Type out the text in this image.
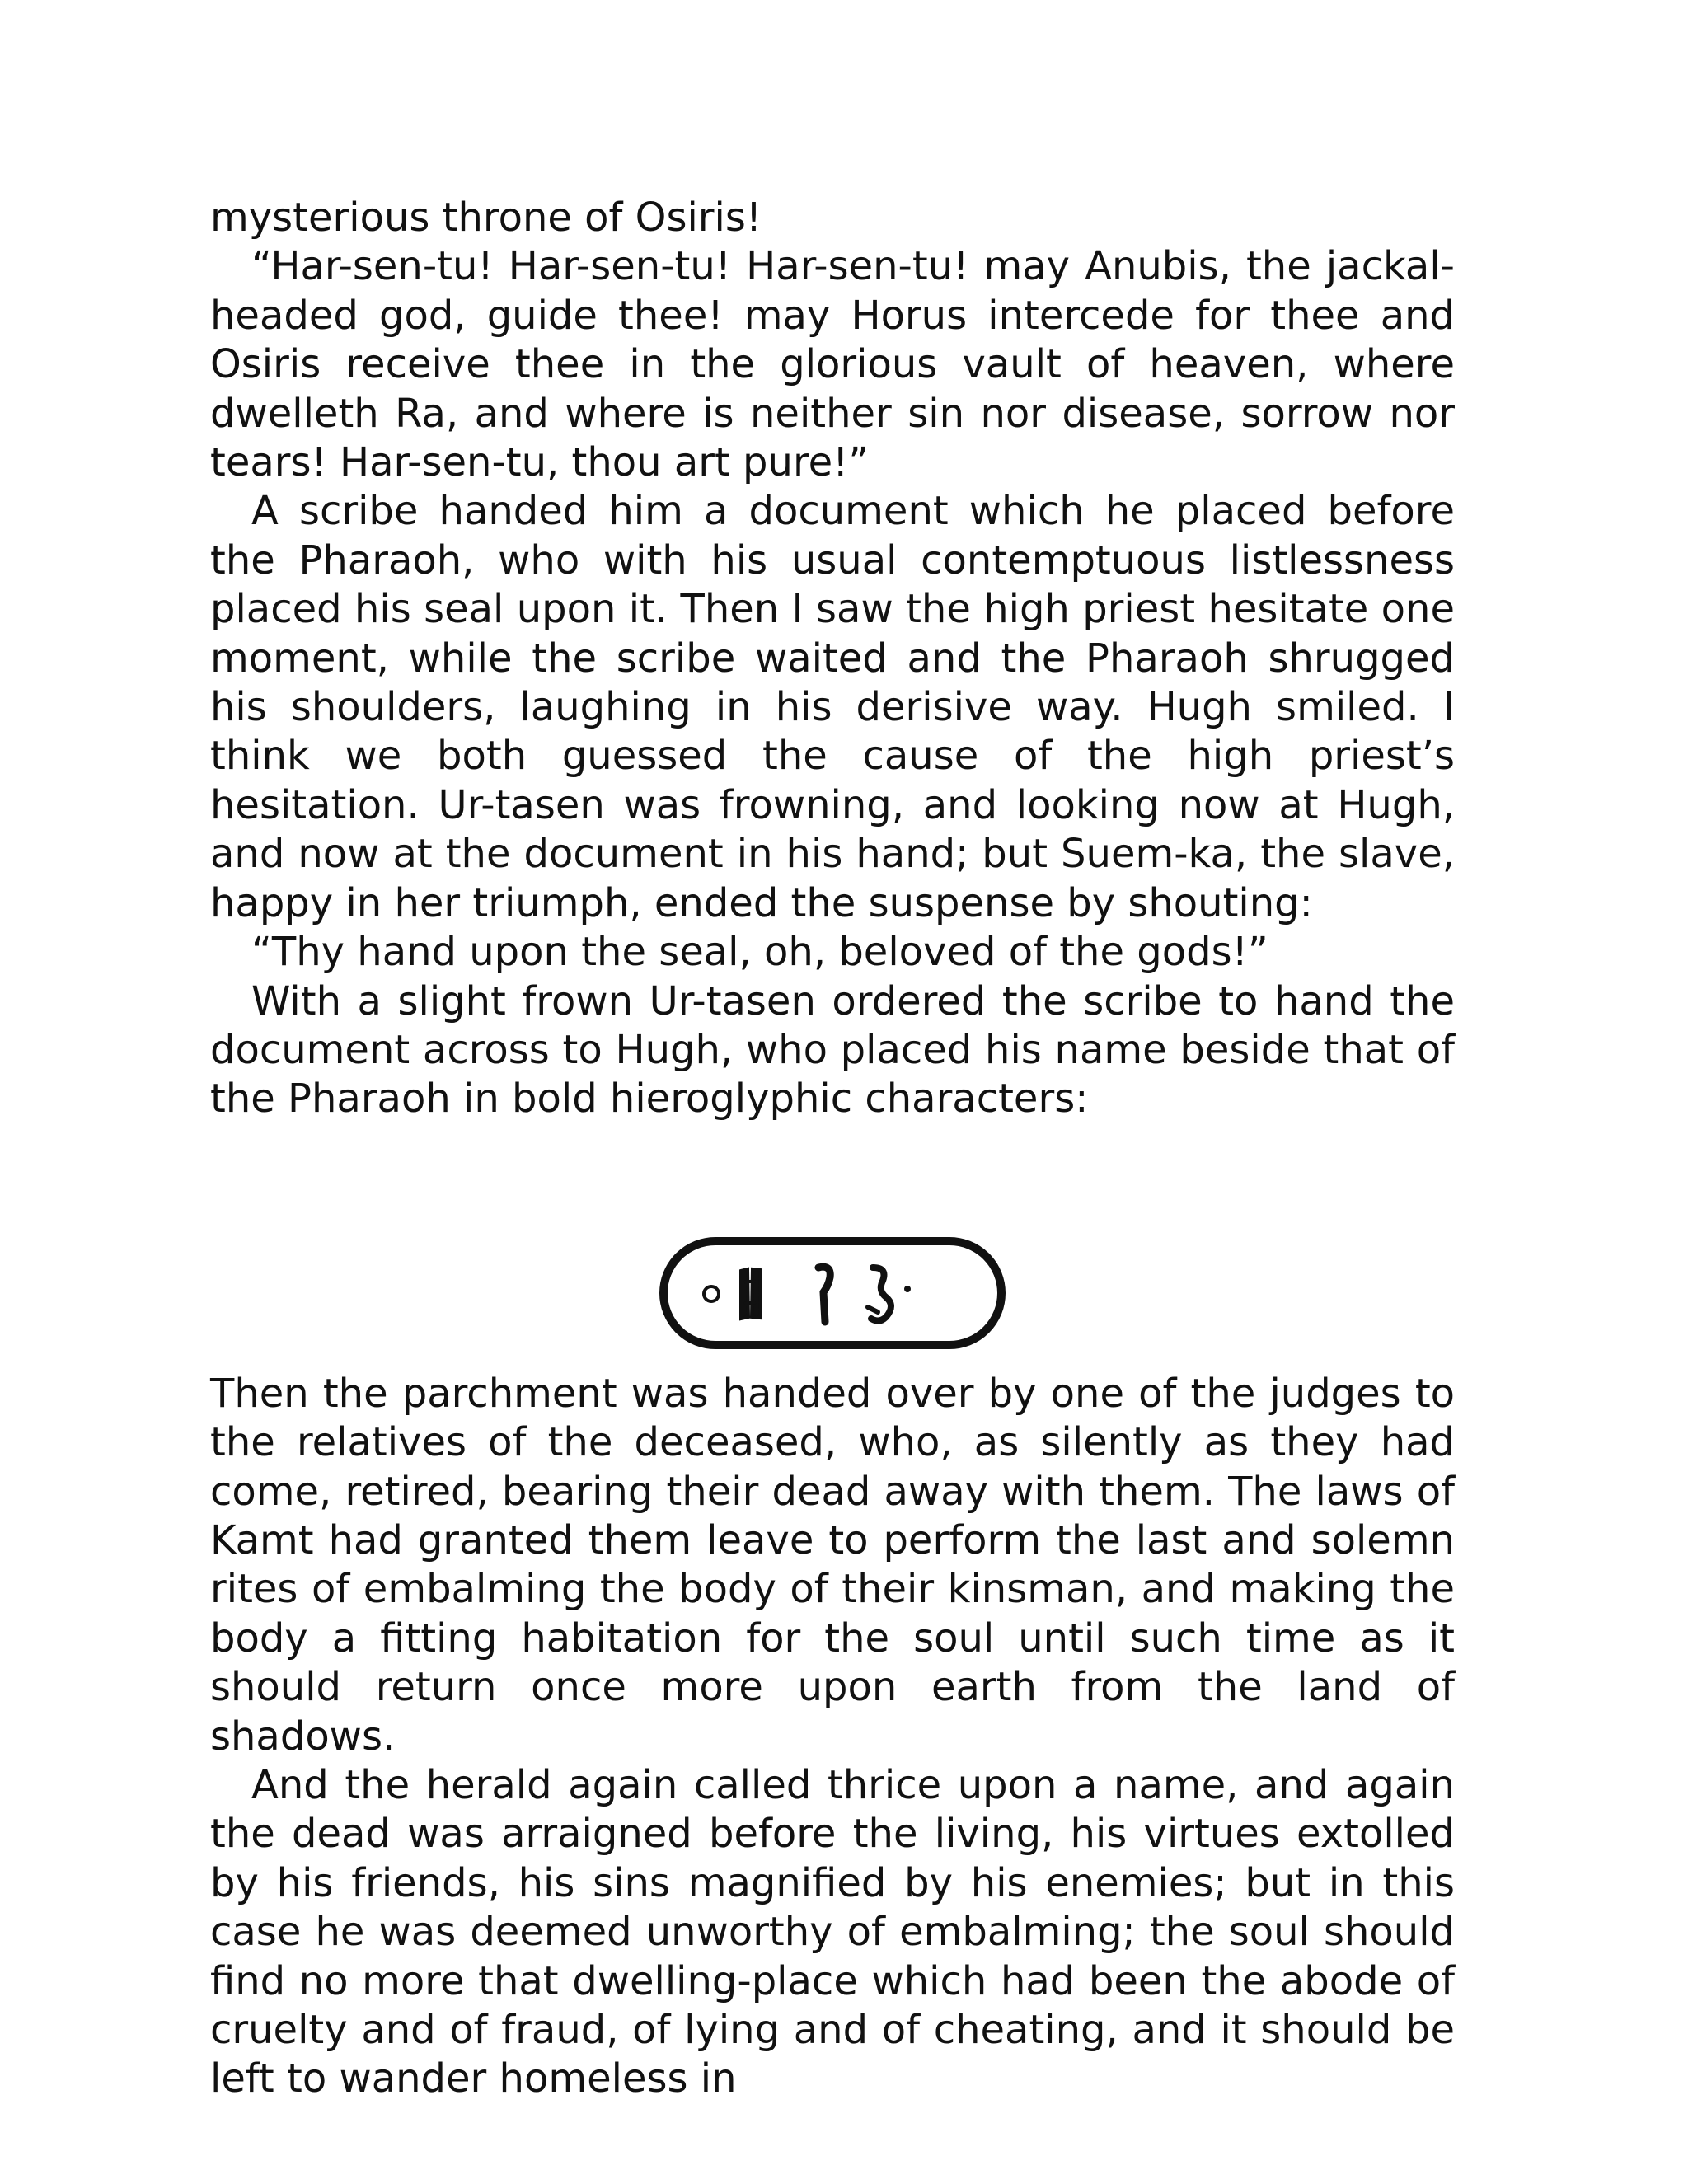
mysterious throne of Osiris!

“Har-sen-tu! Har-sen-tu! Har-sen-tu! may Anubis, the jackal-headed god, guide thee! may Horus intercede for thee and Osiris receive thee in the glorious vault of heaven, where dwelleth Ra, and where is neither sin nor disease, sorrow nor tears! Har-sen-tu, thou art pure!”

A scribe handed him a document which he placed before the Pharaoh, who with his usual contemptuous listlessness placed his seal upon it. Then I saw the high priest hesitate one moment, while the scribe waited and the Pharaoh shrugged his shoulders, laughing in his derisive way. Hugh smiled. I think we both guessed the cause of the high priest’s hesitation. Ur-tasen was frowning, and looking now at Hugh, and now at the document in his hand; but Suem-ka, the slave, happy in her triumph, ended the suspense by shouting:

“Thy hand upon the seal, oh, beloved of the gods!”

With a slight frown Ur-tasen ordered the scribe to hand the document across to Hugh, who placed his name beside that of the Pharaoh in bold hieroglyphic characters:

Then the parchment was handed over by one of the judges to the relatives of the deceased, who, as silently as they had come, retired, bearing their dead away with them. The laws of Kamt had granted them leave to perform the last and solemn rites of embalming the body of their kinsman, and making the body a fitting habitation for the soul until such time as it should return once more upon earth from the land of shadows.

And the herald again called thrice upon a name, and again the dead was arraigned before the living, his virtues extolled by his friends, his sins magnified by his enemies; but in this case he was deemed unworthy of embalming; the soul should find no more that dwelling-place which had been the abode of cruelty and of fraud, of lying and of cheating, and it should be left to wander homeless in
